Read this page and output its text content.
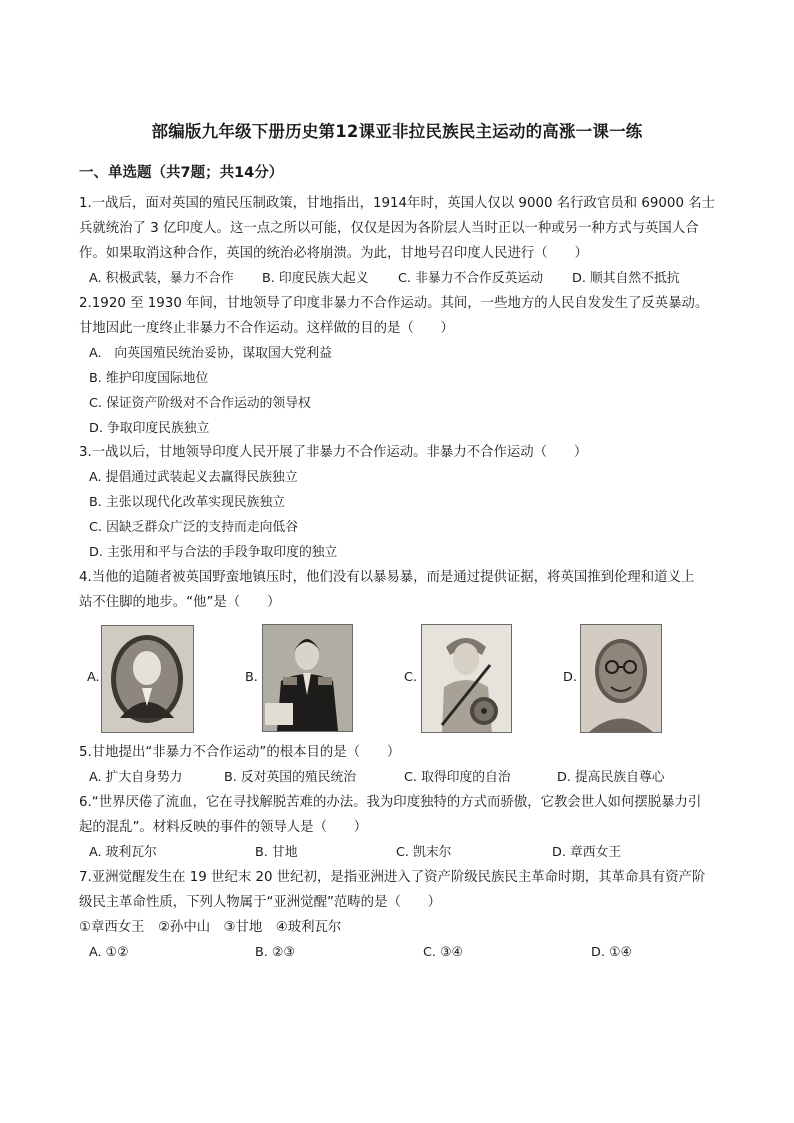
部编版九年级下册历史第12课亚非拉民族民主运动的高涨一课一练
一、单选题（共7题；共14分）
1.一战后，面对英国的殖民压制政策，甘地指出，1914年时，英国人仅以 9000 名行政官员和 69000 名士
兵就统治了 3 亿印度人。这一点之所以可能，仅仅是因为各阶层人当时正以一种或另一种方式与英国人合
作。如果取消这种合作，英国的统治必将崩溃。为此，甘地号召印度人民进行（　　）
A. 积极武装，暴力不合作 B. 印度民族大起义 C. 非暴力不合作反英运动 D. 顺其自然不抵抗
2.1920 至 1930 年间，甘地领导了印度非暴力不合作运动。其间，一些地方的人民自发发生了反英暴动。
甘地因此一度终止非暴力不合作运动。这样做的目的是（　　）
A.　向英国殖民统治妥协，谋取国大党利益
B. 维护印度国际地位
C. 保证资产阶级对不合作运动的领导权
D. 争取印度民族独立
3.一战以后，甘地领导印度人民开展了非暴力不合作运动。非暴力不合作运动（　　）
A. 提倡通过武装起义去赢得民族独立
B. 主张以现代化改革实现民族独立
C. 因缺乏群众广泛的支持而走向低谷
D. 主张用和平与合法的手段争取印度的独立
4.当他的追随者被英国野蛮地镇压时，他们没有以暴易暴，而是通过提供证据，将英国推到伦理和道义上
站不住脚的地步。“他”是（　　）
A.	B.	C.	D.
5.甘地提出“非暴力不合作运动”的根本目的是（　　）
A. 扩大自身势力	B. 反对英国的殖民统治	C. 取得印度的自治	D. 提高民族自尊心
6.“世界厌倦了流血，它在寻找解脱苦难的办法。我为印度独特的方式而骄傲，它教会世人如何摆脱暴力引
起的混乱”。材料反映的事件的领导人是（　　）
A. 玻利瓦尔	B. 甘地	C. 凯末尔	D. 章西女王
7.亚洲觉醒发生在 19 世纪末 20 世纪初，是指亚洲进入了资产阶级民族民主革命时期，其革命具有资产阶
级民主革命性质，下列人物属于“亚洲觉醒”范畴的是（　　）
①章西女王　②孙中山　③甘地　④玻利瓦尔
A. ①②	B. ②③	C. ③④	D. ①④
